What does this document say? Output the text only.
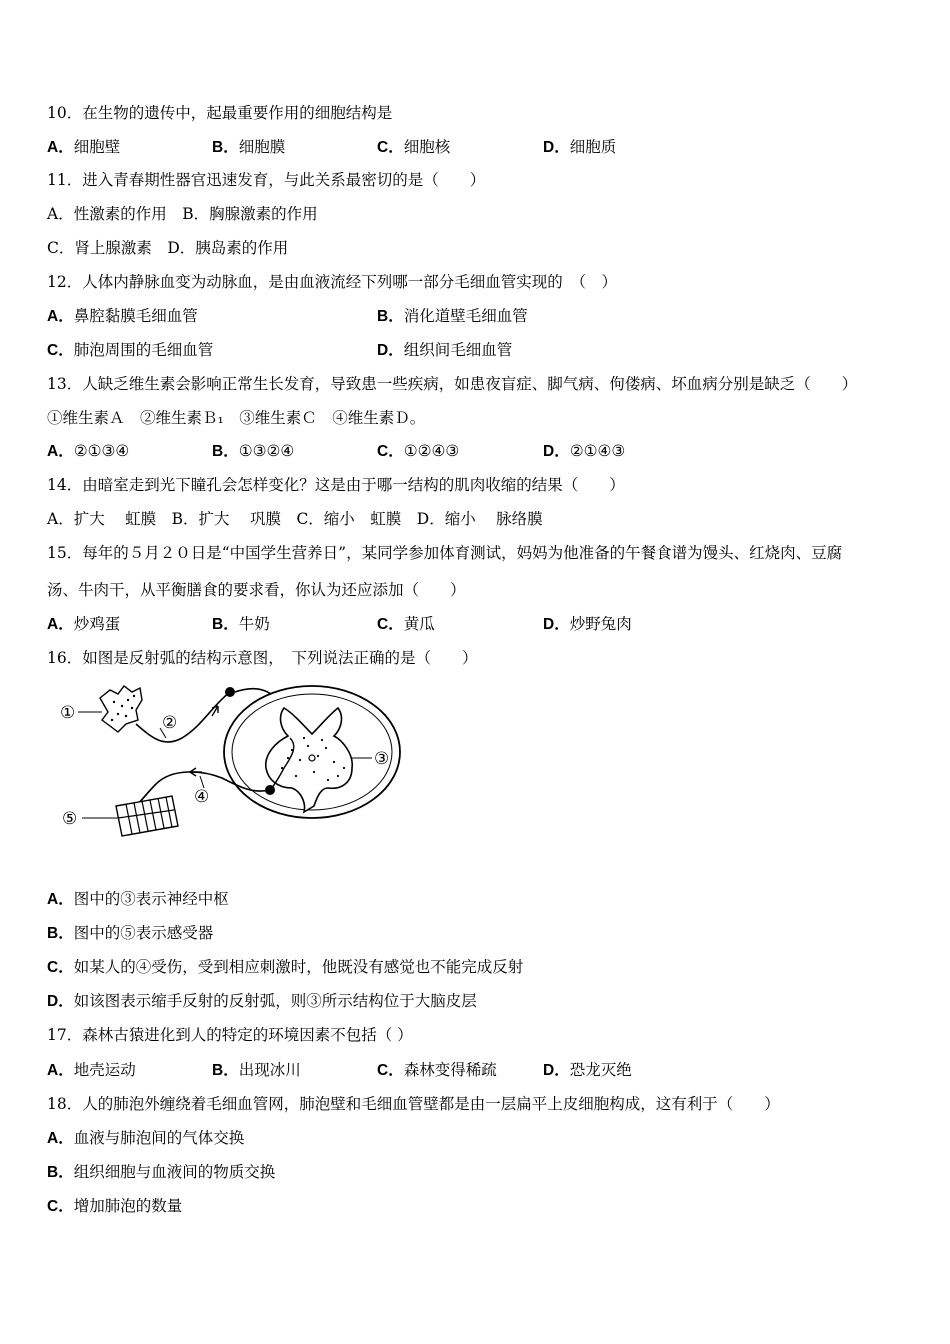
10．在生物的遗传中，起最重要作用的细胞结构是
A．细胞壁	B．细胞膜	C．细胞核	D．细胞质
11．进入青春期性器官迅速发育，与此关系最密切的是（　　）
A．性激素的作用　B．胸腺激素的作用
C．肾上腺激素　D．胰岛素的作用
12．人体内静脉血变为动脉血，是由血液流经下列哪一部分毛细血管实现的　（　）
A．鼻腔黏膜毛细血管	B．消化道壁毛细血管
C．肺泡周围的毛细血管	D．组织间毛细血管
13．人缺乏维生素会影响正常生长发育，导致患一些疾病，如患夜盲症、脚气病、佝偻病、坏血病分别是缺乏（　　）
①维生素Ａ　②维生素Ｂ₁　③维生素Ｃ　④维生素Ｄ。
A．②①③④	B．①③②④	C．①②④③	D．②①④③
14．由暗室走到光下瞳孔会怎样变化？这是由于哪一结构的肌肉收缩的结果（　　）
A．扩大　 虹膜　B．扩大　 巩膜　C．缩小　虹膜　D．缩小　 脉络膜
15．每年的５月２０日是“中国学生营养日”，某同学参加体育测试，妈妈为他准备的午餐食谱为馒头、红烧肉、豆腐
汤、牛肉干，从平衡膳食的要求看，你认为还应添加（　　）
A．炒鸡蛋	B．牛奶	C．黄瓜	D．炒野兔肉
16．如图是反射弧的结构示意图，　下列说法正确的是（　　）
①	②
③
④
⑤
A．图中的③表示神经中枢
B．图中的⑤表示感受器
C．如某人的④受伤，受到相应刺激时，他既没有感觉也不能完成反射
D．如该图表示缩手反射的反射弧，则③所示结构位于大脑皮层
17．森林古猿进化到人的特定的环境因素不包括（ ）
A．地壳运动	B．出现冰川	C．森林变得稀疏	D．恐龙灭绝
18．人的肺泡外缠绕着毛细血管网，肺泡壁和毛细血管壁都是由一层扁平上皮细胞构成，这有利于（　　）
A．血液与肺泡间的气体交换
B．组织细胞与血液间的物质交换
C．增加肺泡的数量
